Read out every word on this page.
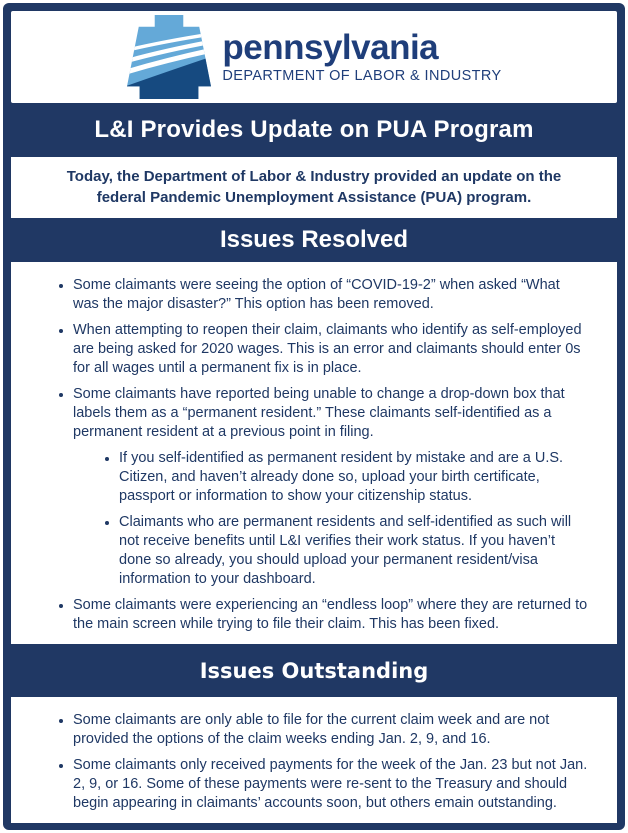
pennsylvania
DEPARTMENT OF LABOR & INDUSTRY
L&I Provides Update on PUA Program

Today, the Department of Labor & Industry provided an update on the federal Pandemic Unemployment Assistance (PUA) program.

Issues Resolved
• Some claimants were seeing the option of “COVID-19-2” when asked “What was the major disaster?” This option has been removed.
• When attempting to reopen their claim, claimants who identify as self-employed are being asked for 2020 wages. This is an error and claimants should enter 0s for all wages until a permanent fix is in place.
• Some claimants have reported being unable to change a drop-down box that labels them as a “permanent resident.” These claimants self-identified as a permanent resident at a previous point in filing.
• If you self-identified as permanent resident by mistake and are a U.S. Citizen, and haven’t already done so, upload your birth certificate, passport or information to show your citizenship status.
• Claimants who are permanent residents and self-identified as such will not receive benefits until L&I verifies their work status. If you haven’t done so already, you should upload your permanent resident/visa information to your dashboard.
• Some claimants were experiencing an “endless loop” where they are returned to the main screen while trying to file their claim. This has been fixed.
Issues Outstanding
• Some claimants are only able to file for the current claim week and are not provided the options of the claim weeks ending Jan. 2, 9, and 16.
• Some claimants only received payments for the week of the Jan. 23 but not Jan. 2, 9, or 16. Some of these payments were re-sent to the Treasury and should begin appearing in claimants’ accounts soon, but others emain outstanding.
